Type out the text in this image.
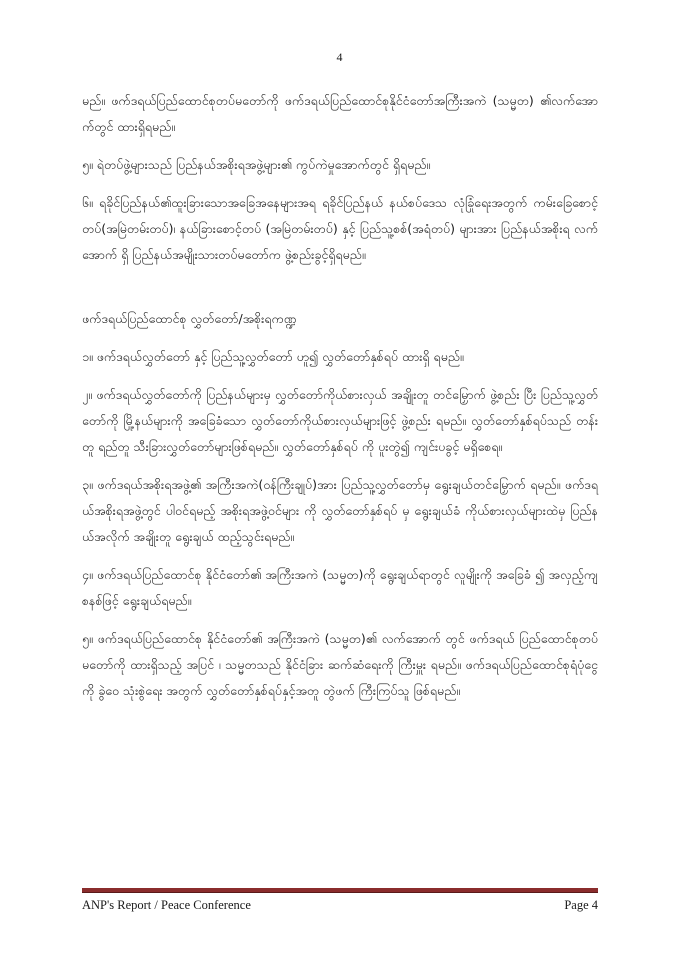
4

မည်။ ဖက်ဒရယ်ပြည်ထောင်စုတပ်မတော်ကို ဖက်ဒရယ်ပြည်ထောင်စုနိုင်ငံတော်အကြီးအကဲ (သမ္မတ) ၏လက်အောက်တွင် ထားရှိရမည်။

၅။ ရဲတပ်ဖွဲ့များသည် ပြည်နယ်အစိုးရအဖွဲ့များ၏ ကွပ်ကဲမှုအောက်တွင် ရှိရမည်။

၆။ ရခိုင်ပြည်နယ်၏ထူးခြားသောအခြေအနေများအရ ရခိုင်ပြည်နယ် နယ်စပ်ဒေသ လုံခြုံရေးအတွက် ကမ်းခြေစောင့်တပ်(အမြဲတမ်းတပ်)၊ နယ်ခြားစောင့်တပ် (အမြဲတမ်းတပ်) နှင့် ပြည်သူ့စစ်(အရံတပ်) များအား ပြည်နယ်အစိုးရ လက်အောက် ရှိ ပြည်နယ်အမျိုးသားတပ်မတော်က ဖွဲ့စည်းခွင့်ရှိရမည်။

ဖက်ဒရယ်ပြည်ထောင်စု လွှတ်တော်/အစိုးရကဏ္ဍ

၁။ ဖက်ဒရယ်လွှတ်တော် နှင့် ပြည်သူ့လွှတ်တော် ဟူ၍ လွှတ်တော်နှစ်ရပ် ထားရှိ ရမည်။

၂။ ဖက်ဒရယ်လွှတ်တော်ကို ပြည်နယ်များမှ လွှတ်တော်ကိုယ်စားလှယ် အချိုးတူ တင်မြှောက် ဖွဲ့စည်း ပြီး ပြည်သူ့လွှတ်တော်ကို မြို့နယ်များကို အခြေခံသော လွှတ်တော်ကိုယ်စားလှယ်များဖြင့် ဖွဲ့စည်း ရမည်။ လွှတ်တော်နှစ်ရပ်သည် တန်းတူ ရည်တူ သီးခြားလွှတ်တော်များဖြစ်ရမည်။ လွှတ်တော်နှစ်ရပ် ကို ပူးတွဲ၍ ကျင်းပခွင့် မရှိစေရ။

၃။ ဖက်ဒရယ်အစိုးရအဖွဲ့၏ အကြီးအကဲ(ဝန်ကြီးချုပ်)အား ပြည်သူ့လွှတ်တော်မှ ရွေးချယ်တင်မြှောက် ရမည်။ ဖက်ဒရယ်အစိုးရအဖွဲ့တွင် ပါဝင်ရမည့် အစိုးရအဖွဲ့ဝင်များ ကို လွှတ်တော်နှစ်ရပ် မှ ရွေးချယ်ခံ ကိုယ်စားလှယ်များထဲမှ ပြည်နယ်အလိုက် အချိုးတူ ရွေးချယ် ထည့်သွင်းရမည်။

၄။ ဖက်ဒရယ်ပြည်ထောင်စု နိုင်ငံတော်၏ အကြီးအကဲ (သမ္မတ)ကို ရွေးချယ်ရာတွင် လူမျိုးကို အခြေခံ ၍ အလှည့်ကျစနစ်ဖြင့် ရွေးချယ်ရမည်။

၅။ ဖက်ဒရယ်ပြည်ထောင်စု နိုင်ငံတော်၏ အကြီးအကဲ (သမ္မတ)၏ လက်အောက် တွင် ဖက်ဒရယ် ပြည်ထောင်စုတပ်မတော်ကို ထားရှိသည့် အပြင် ၊ သမ္မတသည် နိုင်ငံခြား ဆက်ဆံရေးကို ကြီးမှူး ရမည်။ ဖက်ဒရယ်ပြည်ထောင်စုရံပုံငွေကို ခွဲဝေ သုံးစွဲရေး အတွက် လွှတ်တော်နှစ်ရပ်နှင့်အတူ တွဲဖက် ကြီးကြပ်သူ ဖြစ်ရမည်။

ANP's Report / Peace Conference	Page 4
